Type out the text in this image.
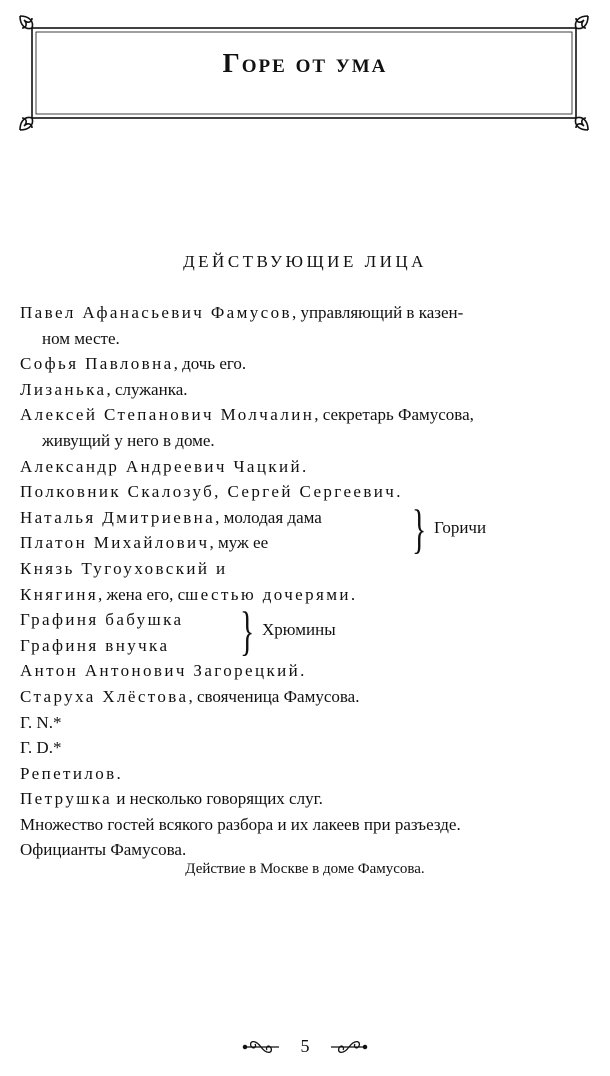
Горе от ума
ДЕЙСТВУЮЩИЕ ЛИЦА
Павел Афанасьевич Фамусов, управляющий в казен-
ном месте.
Софья Павловна, дочь его.
Лизанька, служанка.
Алексей Степанович Молчалин, секретарь Фамусова,
живущий у него в доме.
Александр Андреевич Чацкий.
Полковник Скалозуб, Сергей Сергеевич.
Наталья Дмитриевна, молодая дама
Платон Михайлович, муж ее	} Горичи
Князь Тугоуховский и
Княгиня, жена его, сшестью дочерями.
Графиня бабушка
Графиня внучка	} Хрюмины
Антон Антонович Загорецкий.
Старуха Хлёстова, свояченица Фамусова.
Г. N.*
Г. D.*
Репетилов.
Петрушка и несколько говорящих слуг.
Множество гостей всякого разбора и их лакеев при разъезде.
Официанты Фамусова.
Действие в Москве в доме Фамусова.
5
